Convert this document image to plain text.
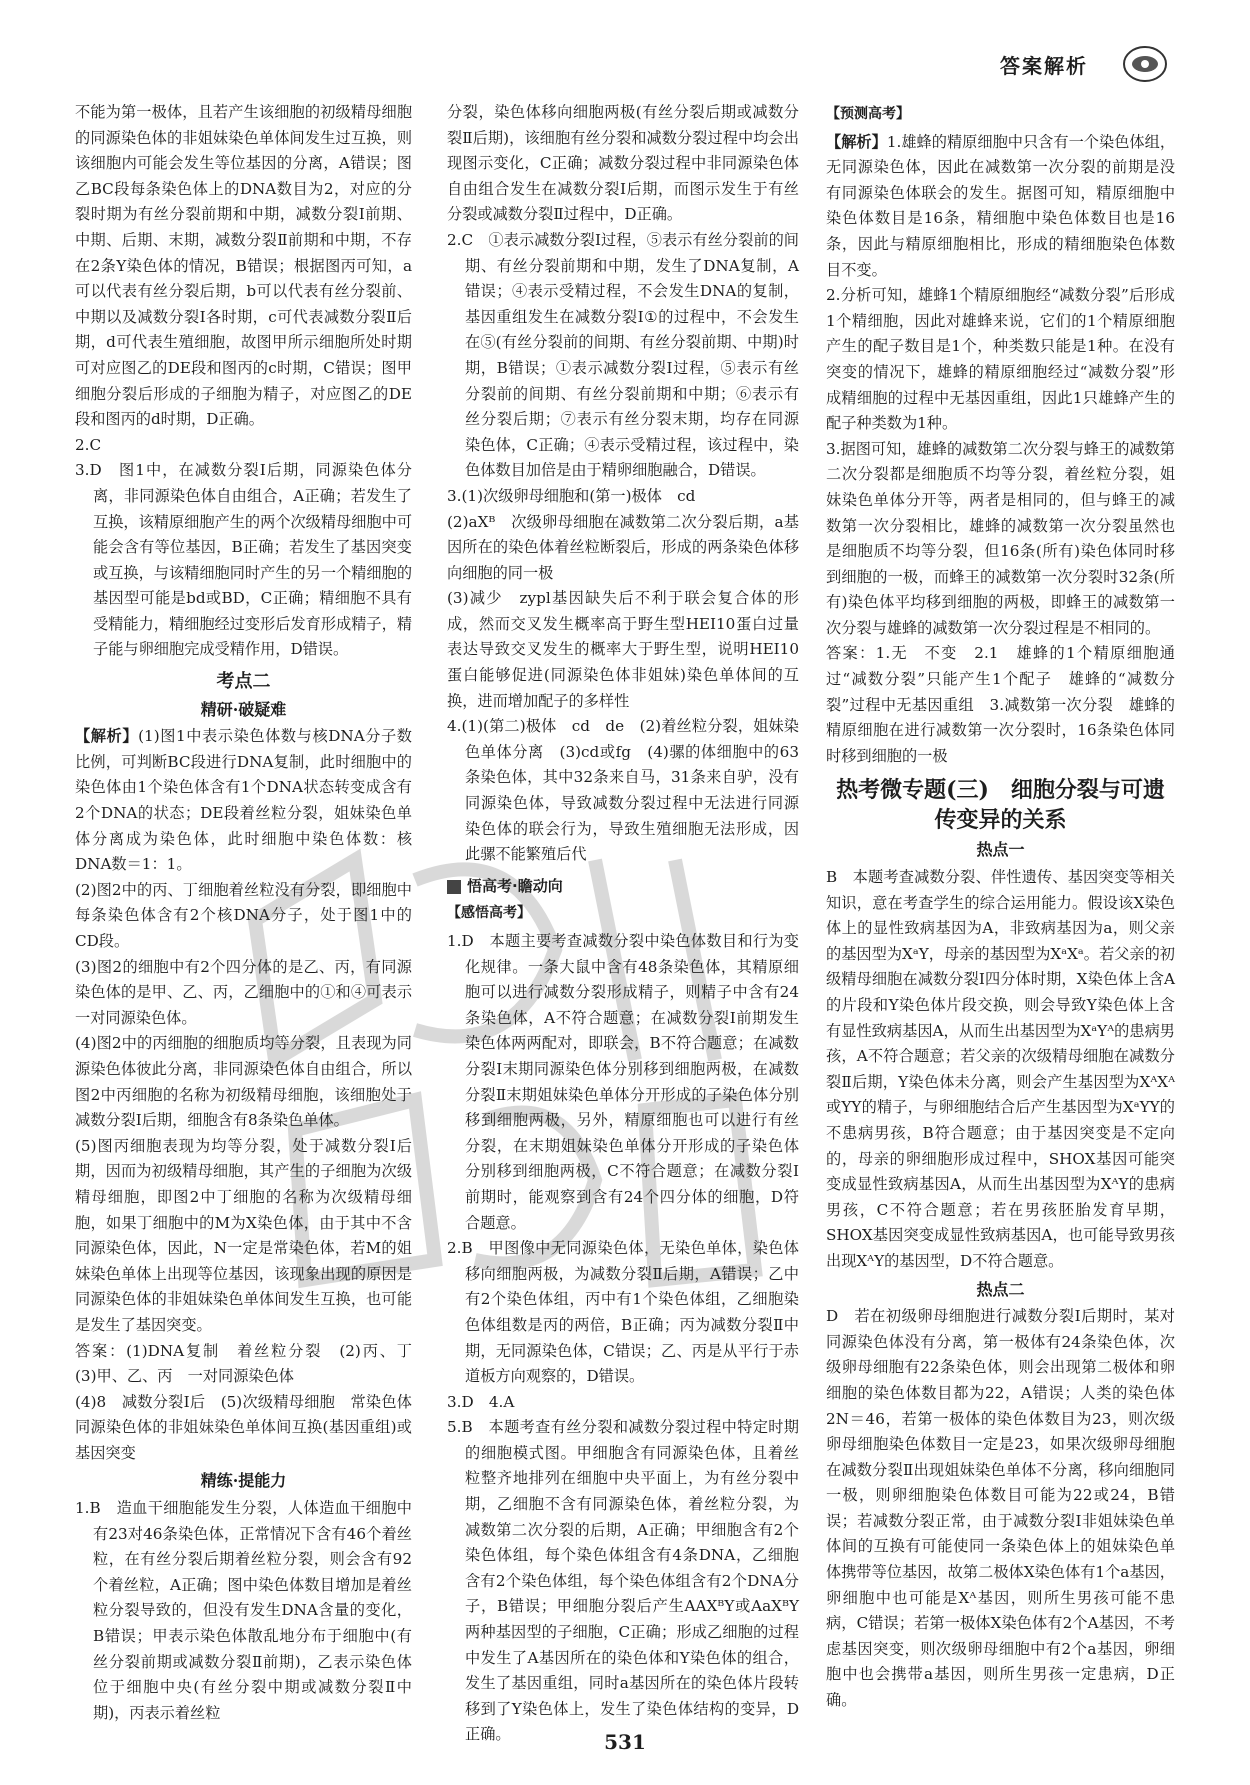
答案解析

不能为第一极体，且若产生该细胞的初级精母细胞的同源染色体的非姐妹染色单体间发生过互换，则该细胞内可能会发生等位基因的分离，A错误；图乙BC段每条染色体上的DNA数目为2，对应的分裂时期为有丝分裂前期和中期，减数分裂Ⅰ前期、中期、后期、末期，减数分裂Ⅱ前期和中期，不存在2条Y染色体的情况，B错误；根据图丙可知，a可以代表有丝分裂后期，b可以代表有丝分裂前、中期以及减数分裂Ⅰ各时期，c可代表减数分裂Ⅱ后期，d可代表生殖细胞，故图甲所示细胞所处时期可对应图乙的DE段和图丙的c时期，C错误；图甲细胞分裂后形成的子细胞为精子，对应图乙的DE段和图丙的d时期，D正确。

2.C

3.D　图1中，在减数分裂Ⅰ后期，同源染色体分离，非同源染色体自由组合，A正确；若发生了互换，该精原细胞产生的两个次级精母细胞中可能会含有等位基因，B正确；若发生了基因突变或互换，与该精细胞同时产生的另一个精细胞的基因型可能是bd或BD，C正确；精细胞不具有受精能力，精细胞经过变形后发育形成精子，精子能与卵细胞完成受精作用，D错误。

考点二
精研·破疑难

【解析】(1)图1中表示染色体数与核DNA分子数比例，可判断BC段进行DNA复制，此时细胞中的染色体由1个染色体含有1个DNA状态转变成含有2个DNA的状态；DE段着丝粒分裂，姐妹染色单体分离成为染色体，此时细胞中染色体数：核DNA数＝1：1。

(2)图2中的丙、丁细胞着丝粒没有分裂，即细胞中每条染色体含有2个核DNA分子，处于图1中的CD段。

(3)图2的细胞中有2个四分体的是乙、丙，有同源染色体的是甲、乙、丙，乙细胞中的①和④可表示一对同源染色体。

(4)图2中的丙细胞的细胞质均等分裂，且表现为同源染色体彼此分离，非同源染色体自由组合，所以图2中丙细胞的名称为初级精母细胞，该细胞处于减数分裂Ⅰ后期，细胞含有8条染色单体。

(5)图丙细胞表现为均等分裂，处于减数分裂Ⅰ后期，因而为初级精母细胞，其产生的子细胞为次级精母细胞，即图2中丁细胞的名称为次级精母细胞，如果丁细胞中的M为X染色体，由于其中不含同源染色体，因此，N一定是常染色体，若M的姐妹染色单体上出现等位基因，该现象出现的原因是同源染色体的非姐妹染色单体间发生互换，也可能是发生了基因突变。

答案：(1)DNA复制　着丝粒分裂　(2)丙、丁　(3)甲、乙、丙　一对同源染色体

(4)8　减数分裂Ⅰ后　(5)次级精母细胞　常染色体　同源染色体的非姐妹染色单体间互换(基因重组)或基因突变

精练·提能力

1.B　造血干细胞能发生分裂，人体造血干细胞中有23对46条染色体，正常情况下含有46个着丝粒，在有丝分裂后期着丝粒分裂，则会含有92个着丝粒，A正确；图中染色体数目增加是着丝粒分裂导致的，但没有发生DNA含量的变化，B错误；甲表示染色体散乱地分布于细胞中(有丝分裂前期或减数分裂Ⅱ前期)，乙表示染色体位于细胞中央(有丝分裂中期或减数分裂Ⅱ中期)，丙表示着丝粒

分裂，染色体移向细胞两极(有丝分裂后期或减数分裂Ⅱ后期)，该细胞有丝分裂和减数分裂过程中均会出现图示变化，C正确；减数分裂过程中非同源染色体自由组合发生在减数分裂Ⅰ后期，而图示发生于有丝分裂或减数分裂Ⅱ过程中，D正确。

2.C　①表示减数分裂Ⅰ过程，⑤表示有丝分裂前的间期、有丝分裂前期和中期，发生了DNA复制，A错误；④表示受精过程，不会发生DNA的复制，基因重组发生在减数分裂Ⅰ①的过程中，不会发生在⑤(有丝分裂前的间期、有丝分裂前期、中期)时期，B错误；①表示减数分裂Ⅰ过程，⑤表示有丝分裂前的间期、有丝分裂前期和中期；⑥表示有丝分裂后期；⑦表示有丝分裂末期，均存在同源染色体，C正确；④表示受精过程，该过程中，染色体数目加倍是由于精卵细胞融合，D错误。

3.(1)次级卵母细胞和(第一)极体　cd

(2)aXᴮ　次级卵母细胞在减数第二次分裂后期，a基因所在的染色体着丝粒断裂后，形成的两条染色体移向细胞的同一极

(3)减少　zypl基因缺失后不利于联会复合体的形成，然而交叉发生概率高于野生型HEI10蛋白过量表达导致交叉发生的概率大于野生型，说明HEI10蛋白能够促进(同源染色体非姐妹)染色单体间的互换，进而增加配子的多样性

4.(1)(第二)极体　cd　de　(2)着丝粒分裂，姐妹染色单体分离　(3)cd或fg　(4)骡的体细胞中的63条染色体，其中32条来自马，31条来自驴，没有同源染色体，导致减数分裂过程中无法进行同源染色体的联会行为，导致生殖细胞无法形成，因此骡不能繁殖后代

悟高考·瞻动向
【感悟高考】

1.D　本题主要考查减数分裂中染色体数目和行为变化规律。一条大鼠中含有48条染色体，其精原细胞可以进行减数分裂形成精子，则精子中含有24条染色体，A不符合题意；在减数分裂Ⅰ前期发生染色体两两配对，即联会，B不符合题意；在减数分裂Ⅰ末期同源染色体分别移到细胞两极，在减数分裂Ⅱ末期姐妹染色单体分开形成的子染色体分别移到细胞两极，另外，精原细胞也可以进行有丝分裂，在末期姐妹染色单体分开形成的子染色体分别移到细胞两极，C不符合题意；在减数分裂Ⅰ前期时，能观察到含有24个四分体的细胞，D符合题意。

2.B　甲图像中无同源染色体，无染色单体，染色体移向细胞两极，为减数分裂Ⅱ后期，A错误；乙中有2个染色体组，丙中有1个染色体组，乙细胞染色体组数是丙的两倍，B正确；丙为减数分裂Ⅱ中期，无同源染色体，C错误；乙、丙是从平行于赤道板方向观察的，D错误。

3.D　4.A

5.B　本题考查有丝分裂和减数分裂过程中特定时期的细胞模式图。甲细胞含有同源染色体，且着丝粒整齐地排列在细胞中央平面上，为有丝分裂中期，乙细胞不含有同源染色体，着丝粒分裂，为减数第二次分裂的后期，A正确；甲细胞含有2个染色体组，每个染色体组含有4条DNA，乙细胞含有2个染色体组，每个染色体组含有2个DNA分子，B错误；甲细胞分裂后产生AAXᴮY或AaXᴮY两种基因型的子细胞，C正确；形成乙细胞的过程中发生了A基因所在的染色体和Y染色体的组合，发生了基因重组，同时a基因所在的染色体片段转移到了Y染色体上，发生了染色体结构的变异，D正确。

【预测高考】

【解析】1.雄蜂的精原细胞中只含有一个染色体组，无同源染色体，因此在减数第一次分裂的前期是没有同源染色体联会的发生。据图可知，精原细胞中染色体数目是16条，精细胞中染色体数目也是16条，因此与精原细胞相比，形成的精细胞染色体数目不变。

2.分析可知，雄蜂1个精原细胞经“减数分裂”后形成1个精细胞，因此对雄蜂来说，它们的1个精原细胞产生的配子数目是1个，种类数只能是1种。在没有突变的情况下，雄蜂的精原细胞经过“减数分裂”形成精细胞的过程中无基因重组，因此1只雄蜂产生的配子种类数为1种。

3.据图可知，雄蜂的减数第二次分裂与蜂王的减数第二次分裂都是细胞质不均等分裂，着丝粒分裂，姐妹染色单体分开等，两者是相同的，但与蜂王的减数第一次分裂相比，雄蜂的减数第一次分裂虽然也是细胞质不均等分裂，但16条(所有)染色体同时移到细胞的一极，而蜂王的减数第一次分裂时32条(所有)染色体平均移到细胞的两极，即蜂王的减数第一次分裂与雄蜂的减数第一次分裂过程是不相同的。

答案：1.无　不变　2.1　雄蜂的1个精原细胞通过“减数分裂”只能产生1个配子　雄蜂的“减数分裂”过程中无基因重组　3.减数第一次分裂　雄蜂的精原细胞在进行减数第一次分裂时，16条染色体同时移到细胞的一极

热考微专题(三)　细胞分裂与可遗传变异的关系
热点一

B　本题考查减数分裂、伴性遗传、基因突变等相关知识，意在考查学生的综合运用能力。假设该X染色体上的显性致病基因为A，非致病基因为a，则父亲的基因型为XᵃY，母亲的基因型为XᵃXᵃ。若父亲的初级精母细胞在减数分裂Ⅰ四分体时期，X染色体上含A的片段和Y染色体片段交换，则会导致Y染色体上含有显性致病基因A，从而生出基因型为XᵃYᴬ的患病男孩，A不符合题意；若父亲的次级精母细胞在减数分裂Ⅱ后期，Y染色体未分离，则会产生基因型为XᴬXᴬ或YY的精子，与卵细胞结合后产生基因型为XᵃYY的不患病男孩，B符合题意；由于基因突变是不定向的，母亲的卵细胞形成过程中，SHOX基因可能突变成显性致病基因A，从而生出基因型为XᴬY的患病男孩，C不符合题意；若在男孩胚胎发育早期，SHOX基因突变成显性致病基因A，也可能导致男孩出现XᴬY的基因型，D不符合题意。

热点二

D　若在初级卵母细胞进行减数分裂Ⅰ后期时，某对同源染色体没有分离，第一极体有24条染色体，次级卵母细胞有22条染色体，则会出现第二极体和卵细胞的染色体数目都为22，A错误；人类的染色体2N＝46，若第一极体的染色体数目为23，则次级卵母细胞染色体数目一定是23，如果次级卵母细胞在减数分裂Ⅱ出现姐妹染色单体不分离，移向细胞同一极，则卵细胞染色体数目可能为22或24，B错误；若减数分裂正常，由于减数分裂Ⅰ非姐妹染色单体间的互换有可能使同一条染色体上的姐妹染色单体携带等位基因，故第二极体X染色体有1个a基因，卵细胞中也可能是Xᴬ基因，则所生男孩可能不患病，C错误；若第一极体X染色体有2个A基因，不考虑基因突变，则次级卵母细胞中有2个a基因，卵细胞中也会携带a基因，则所生男孩一定患病，D正确。

531
